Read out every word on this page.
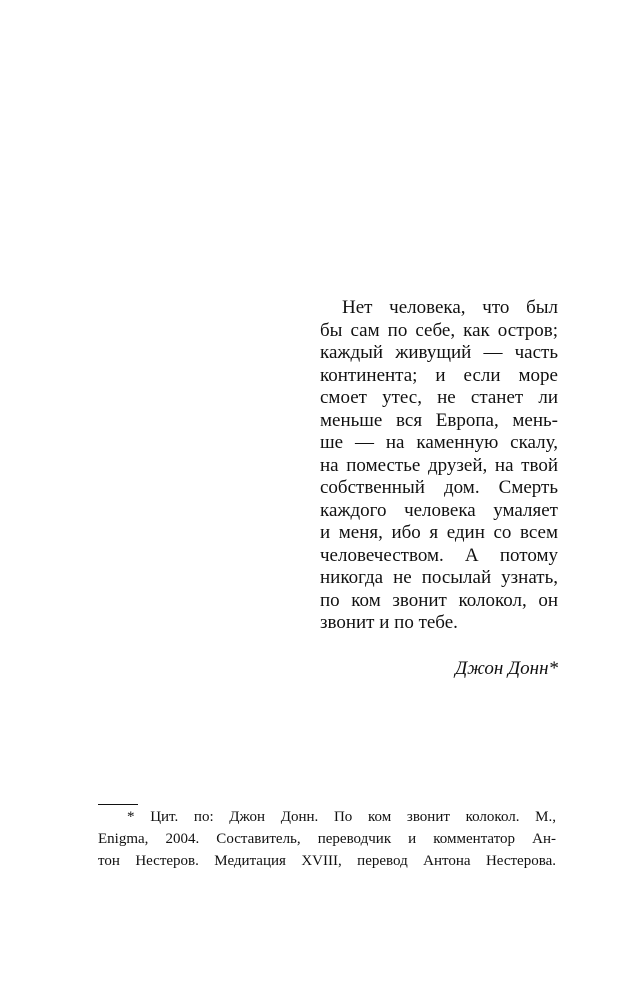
Нет человека, что был
бы сам по себе, как остров;
каждый живущий — часть
континента; и если море
смоет утес, не станет ли
меньше вся Европа, мень-
ше — на каменную скалу,
на поместье друзей, на твой
собственный дом. Смерть
каждого человека умаляет
и меня, ибо я един со всем
человечеством. А потому
никогда не посылай узнать,
по ком звонит колокол, он
звонит и по тебе.
Джон Донн*
* Цит. по: Джон Донн. По ком звонит колокол. М.,
Enigma, 2004. Составитель, переводчик и комментатор Ан-
тон Нестеров. Медитация XVIII, перевод Антона Нестерова.
